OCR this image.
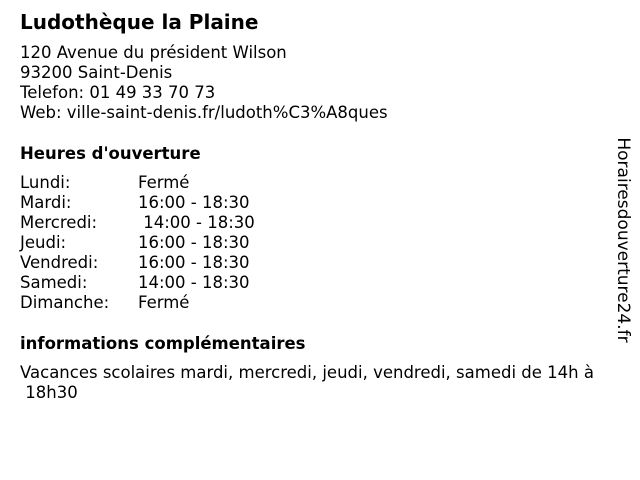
Ludothèque la Plaine
120 Avenue du président Wilson
93200 Saint-Denis
Telefon: 01 49 33 70 73
Web: ville-saint-denis.fr/ludoth%C3%A8ques
Heures d'ouverture
Lundi:	Fermé
Mardi:	16:00 - 18:30
Mercredi: 14:00 - 18:30
Jeudi:	16:00 - 18:30
Vendredi: 16:00 - 18:30
Samedi:	14:00 - 18:30
Dimanche: Fermé
informations complémentaires
Vacances scolaires mardi, mercredi, jeudi, vendredi, samedi de 14h à
18h30
Horairesdouverture24.fr
